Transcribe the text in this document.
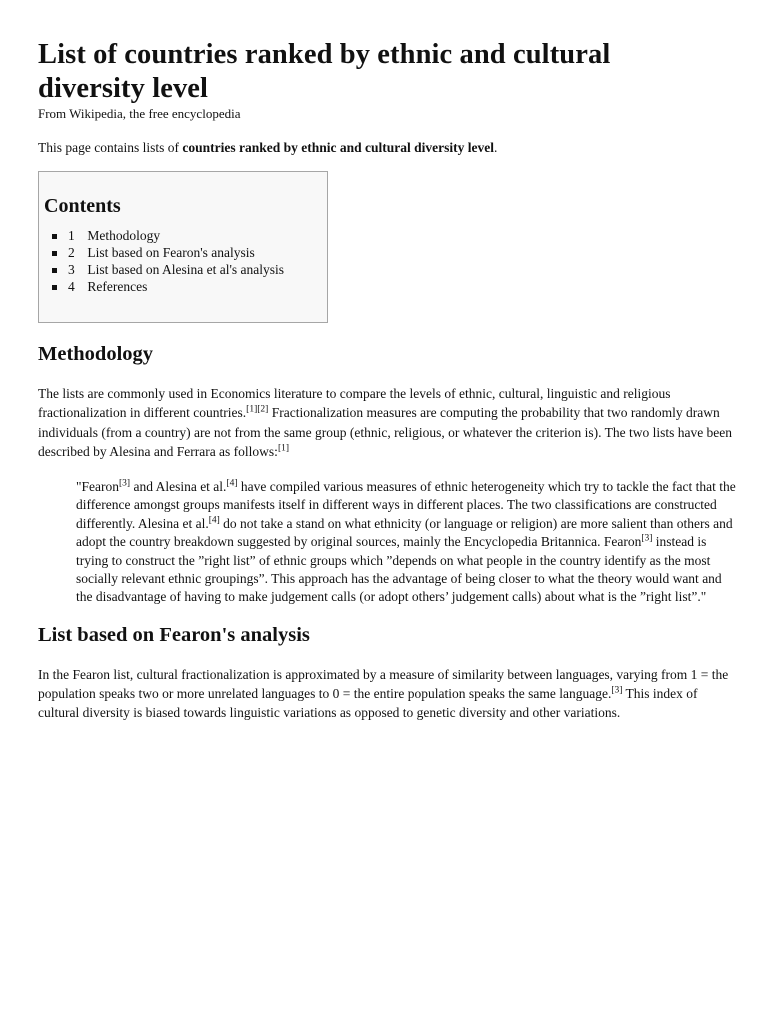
List of countries ranked by ethnic and cultural
diversity level
From Wikipedia, the free encyclopedia

This page contains lists of countries ranked by ethnic and cultural diversity level.

Contents
1 Methodology
2 List based on Fearon's analysis
3 List based on Alesina et al's analysis
4 References
Methodology

The lists are commonly used in Economics literature to compare the levels of ethnic, cultural, linguistic and religious fractionalization in different countries.[1][2] Fractionalization measures are computing the probability that two randomly drawn individuals (from a country) are not from the same group (ethnic, religious, or whatever the criterion is). The two lists have been described by Alesina and Ferrara as follows:[1]

"Fearon[3] and Alesina et al.[4] have compiled various measures of ethnic heterogeneity which try to tackle the fact that the difference amongst groups manifests itself in different ways in different places. The two classifications are constructed differently. Alesina et al.[4] do not take a stand on what ethnicity (or language or religion) are more salient than others and adopt the country breakdown suggested by original sources, mainly the Encyclopedia Britannica. Fearon[3] instead is trying to construct the ”right list” of ethnic groups which ”depends on what people in the country identify as the most socially relevant ethnic groupings”. This approach has the advantage of being closer to what the theory would want and the disadvantage of having to make judgement calls (or adopt others’ judgement calls) about what is the ”right list”."

List based on Fearon's analysis

In the Fearon list, cultural fractionalization is approximated by a measure of similarity between languages, varying from 1 = the population speaks two or more unrelated languages to 0 = the entire population speaks the same language.[3] This index of cultural diversity is biased towards linguistic variations as opposed to genetic diversity and other variations.
